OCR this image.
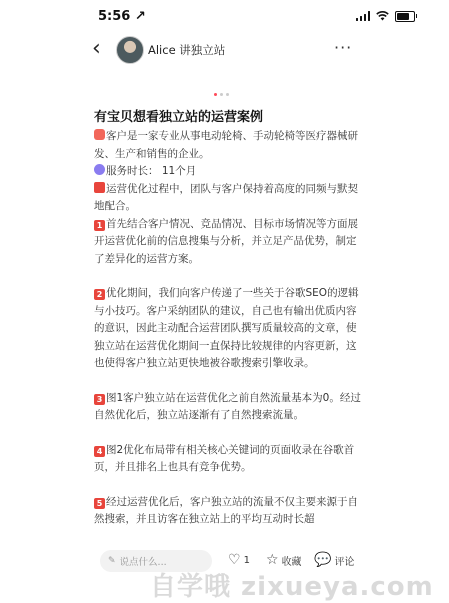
5:56 ↗
‹	Alice 讲独立站	···
有宝贝想看独立站的运营案例

客户是一家专业从事电动轮椅、手动轮椅等医疗器械研发、生产和销售的企业。

服务时长： 11个月

运营优化过程中，团队与客户保持着高度的同频与默契地配合。

1 首先结合客户情况、竞品情况、目标市场情况等方面展开运营优化前的信息搜集与分析，并立足产品优势，制定了差异化的运营方案。

2 优化期间，我们向客户传递了一些关于谷歌SEO的逻辑与小技巧。客户采纳团队的建议，自己也有输出优质内容的意识，因此主动配合运营团队撰写质量较高的文章，使独立站在运营优化期间一直保持比较规律的内容更新，这也使得客户独立站更快地被谷歌搜索引擎收录。

3 图1客户独立站在运营优化之前自然流量基本为0。经过自然优化后，独立站逐渐有了自然搜索流量。

4 图2优化布局带有相关核心关键词的页面收录在谷歌首页，并且排名上也具有竞争优势。

5 经过运营优化后，客户独立站的流量不仅主要来源于自然搜索，并且访客在独立站上的平均互动时长超

✎ 说点什么...	♡ 1 ☆ 收藏 💬 评论
自学哦 zixueya.com
